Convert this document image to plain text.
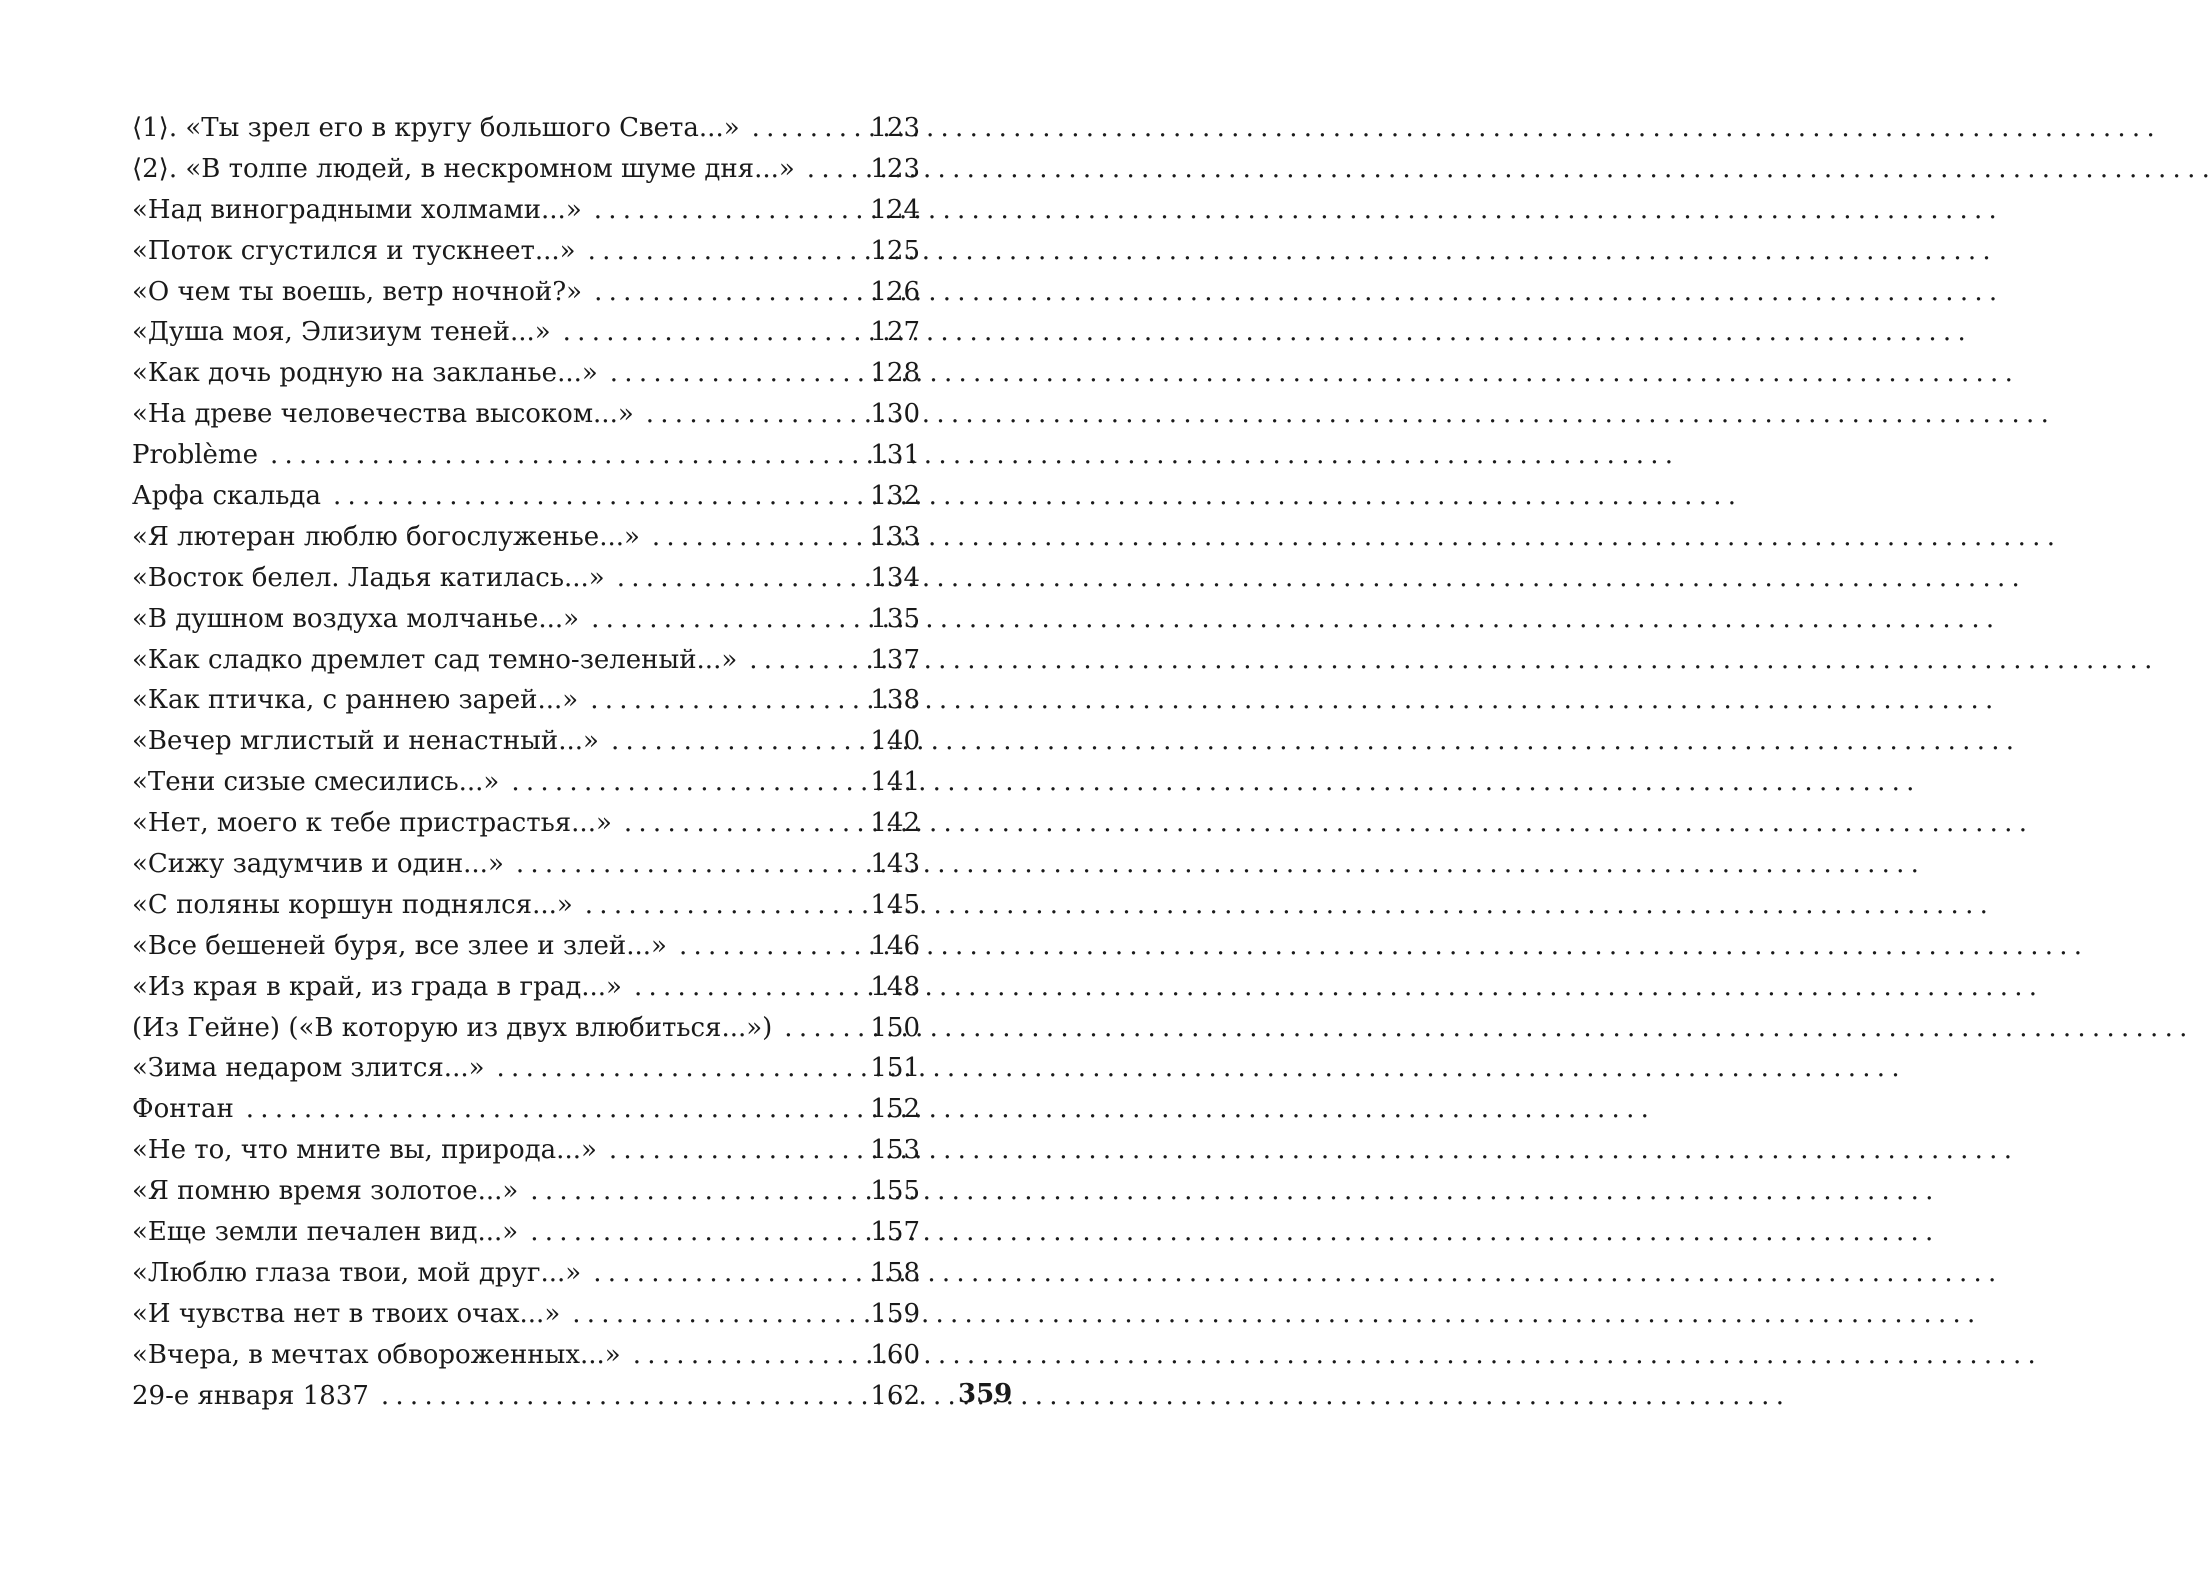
⟨1⟩. «Ты зрел его в кругу большого Света...» . . .	123
⟨2⟩. «В толпе людей, в нескромном шуме дня...» . . .	123
«Над виноградными холмами...» . . .	124
«Поток сгустился и тускнеет...» . . .	125
«О чем ты воешь, ветр ночной?» . . .	126
«Душа моя, Элизиум теней...» . . .	127
«Как дочь родную на закланье...» . . .	128
«На древе человечества высоком...» . . .	130
Problème . . .	131
Арфа скальда . . .	132
«Я лютеран люблю богослуженье...» . . .	133
«Восток белел. Ладья катилась...» . . .	134
«В душном воздуха молчанье...» . . .	135
«Как сладко дремлет сад темно-зеленый...» . . .	137
«Как птичка, с раннею зарей...» . . .	138
«Вечер мглистый и ненастный...» . . .	140
«Тени сизые смесились...» . . .	141
«Нет, моего к тебе пристрастья...» . . .	142
«Сижу задумчив и один...» . . .	143
«С поляны коршун поднялся...» . . .	145
«Все бешеней буря, все злее и злей...» . . .	146
«Из края в край, из града в град...» . . .	148
(Из Гейне) («В которую из двух влюбиться...») . . .	150
«Зима недаром злится...» . . .	151
Фонтан . . .	152
«Не то, что мните вы, природа...» . . .	153
«Я помню время золотое...» . . .	155
«Еще земли печален вид...» . . .	157
«Люблю глаза твои, мой друг...» . . .	158
«И чувства нет в твоих очах...» . . .	159
«Вчера, в мечтах обвороженных...» . . .	160
29-е января 1837 . . .	162 359
